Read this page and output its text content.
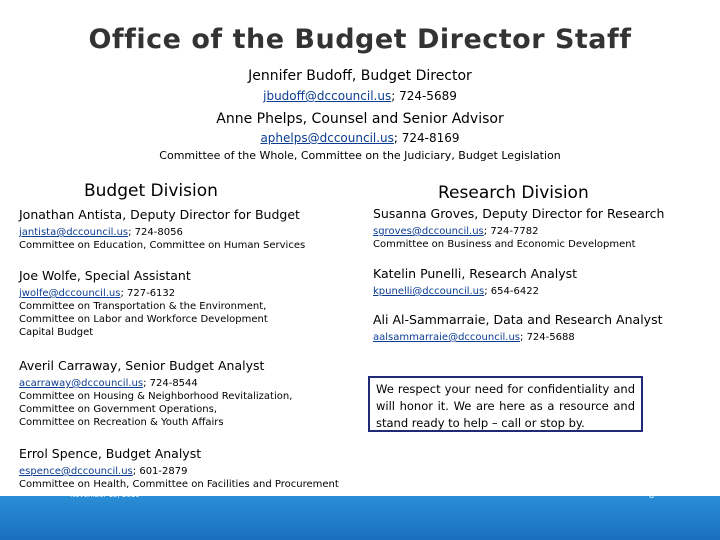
Office of the Budget Director Staff
Jennifer Budoff, Budget Director
jbudoff@dccouncil.us; 724-5689
Anne Phelps, Counsel and Senior Advisor
aphelps@dccouncil.us; 724-8169
Committee of the Whole, Committee on the Judiciary, Budget Legislation
Budget Division	Research Division
Jonathan Antista, Deputy Director for Budget
jantista@dccouncil.us; 724-8056
Committee on Education, Committee on Human Services
Joe Wolfe, Special Assistant
jwolfe@dccouncil.us; 727-6132
Committee on Transportation & the Environment,
Committee on Labor and Workforce Development
Capital Budget
Averil Carraway, Senior Budget Analyst
acarraway@dccouncil.us; 724-8544
Committee on Housing & Neighborhood Revitalization,
Committee on Government Operations,
Committee on Recreation & Youth Affairs
Errol Spence, Budget Analyst
espence@dccouncil.us; 601-2879
Committee on Health, Committee on Facilities and Procurement
Susanna Groves, Deputy Director for Research
sgroves@dccouncil.us; 724-7782
Committee on Business and Economic Development
Katelin Punelli, Research Analyst
kpunelli@dccouncil.us; 654-6422
Ali Al-Sammarraie, Data and Research Analyst
aalsammarraie@dccouncil.us; 724-5688
We respect your need for confidentiality and will honor it. We are here as a resource and stand ready to help – call or stop by.
November 15, 2019	8
